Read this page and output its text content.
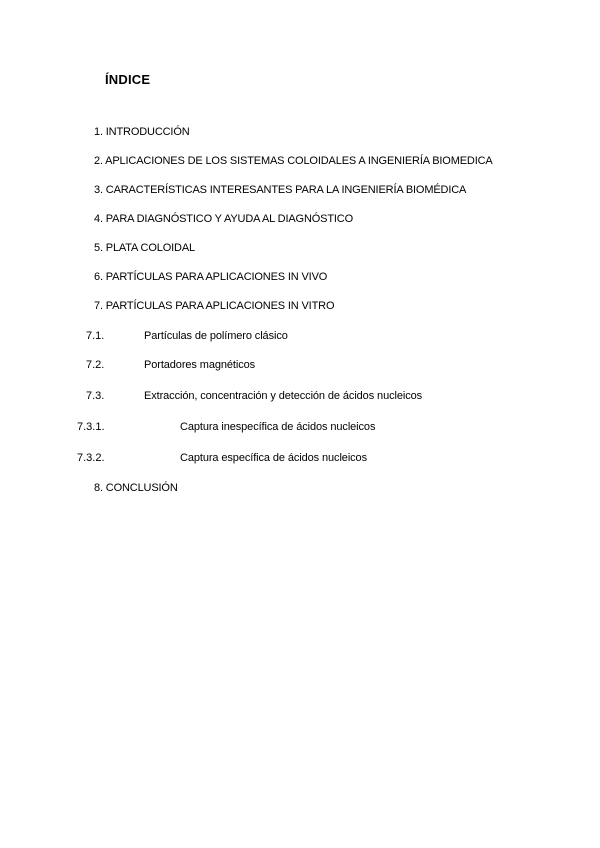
ÍNDICE
1. INTRODUCCIÓN
2. APLICACIONES DE LOS SISTEMAS COLOIDALES A INGENIERÍA BIOMEDICA
3. CARACTERÍSTICAS INTERESANTES PARA LA INGENIERÍA BIOMÉDICA
4. PARA DIAGNÓSTICO Y AYUDA AL DIAGNÓSTICO
5. PLATA COLOIDAL
6. PARTÍCULAS PARA APLICACIONES IN VIVO
7. PARTÍCULAS PARA APLICACIONES IN VITRO
7.1.	Partículas de polímero clásico
7.2.	Portadores magnéticos
7.3.	Extracción, concentración y detección de ácidos nucleicos
7.3.1.	Captura inespecífica de ácidos nucleicos
7.3.2.	Captura específica de ácidos nucleicos
8. CONCLUSIÓN
